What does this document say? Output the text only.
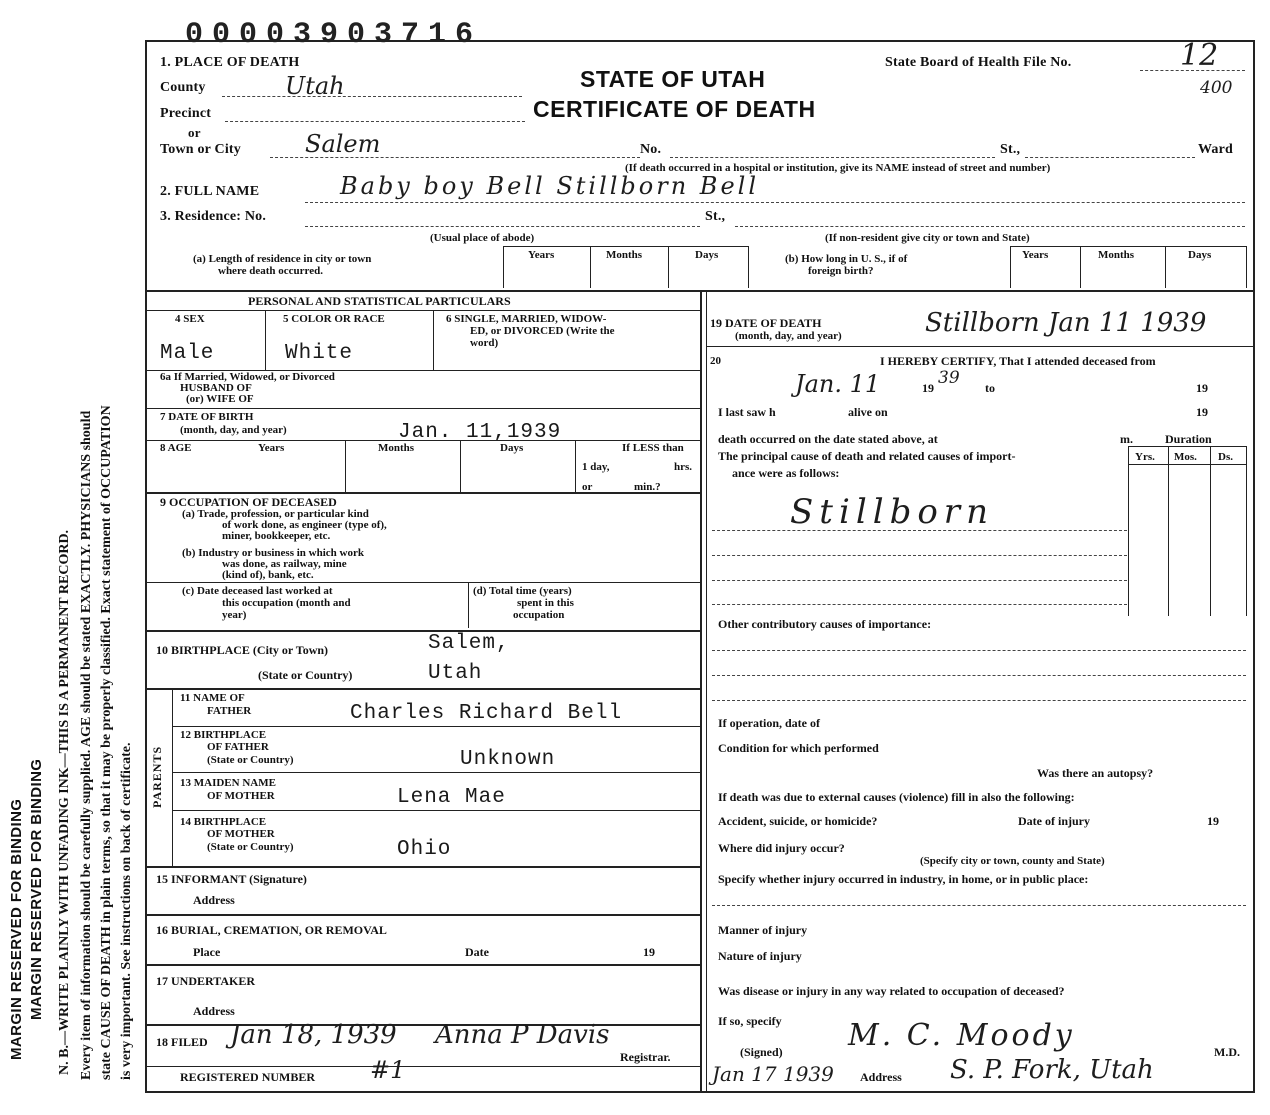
00003903716
MARGIN RESERVED FOR BINDING MARGIN RESERVED FOR BINDING N. B.—WRITE PLAINLY WITH UNFADING INK—THIS IS A PERMANENT RECORD. Every item of information should be carefully supplied. AGE should be stated EXACTLY. PHYSICIANS should state CAUSE OF DEATH in plain terms, so that it may be properly classified. Exact statement of OCCUPATION is very important. See instructions on back of certificate.
1. PLACE OF DEATH
STATE OF UTAH
CERTIFICATE OF DEATH
State Board of Health File No.	12
400
County	Utah
Precinct
or
Town or City	Salem	No.	St.,	Ward
(If death occurred in a hospital or institution, give its NAME instead of street and number)
2. FULL NAME	Baby boy Bell Stillborn Bell
3. Residence: No.	St.,
(Usual place of abode)	(If non-resident give city or town and State)
(a) Length of residence in city or town
where death occurred.
Years	Months	Days	(b) How long in U. S., if of
foreign birth?
Years	Months	Days
PERSONAL AND STATISTICAL PARTICULARS
4 SEX
Male
5 COLOR OR RACE
White
6 SINGLE, MARRIED, WIDOW-
ED, or DIVORCED (Write the
word)
6a If Married, Widowed, or Divorced
HUSBAND OF
(or) WIFE OF
7 DATE OF BIRTH
(month, day, and year)	Jan. 11,1939
8 AGE	Years	Months	Days	If LESS than
1 day,	hrs.
or	min.?
9 OCCUPATION OF DECEASED
(a) Trade, profession, or particular kind
of work done, as engineer (type of),
miner, bookkeeper, etc.
(b) Industry or business in which work
was done, as railway, mine
(kind of), bank, etc.
(c) Date deceased last worked at
this occupation (month and
year)
(d) Total time (years)
spent in this
occupation
10 BIRTHPLACE (City or Town)	Salem,
(State or Country)	Utah
PARENTS
11 NAME OF
FATHER	Charles Richard Bell
12 BIRTHPLACE
OF FATHER
(State or Country)	Unknown
13 MAIDEN NAME
OF MOTHER	Lena Mae
14 BIRTHPLACE
OF MOTHER
(State or Country)	Ohio
15 INFORMANT (Signature)
Address
16 BURIAL, CREMATION, OR REMOVAL
Place	Date	19
17 UNDERTAKER
Address
18 FILED Jan 18, 1939 Anna P Davis
Registrar.
REGISTERED NUMBER #1
19 DATE OF DEATH
(month, day, and year)	Stillborn Jan 11 1939
20	I HEREBY CERTIFY, That I attended deceased from
Jan. 11	19 39 to	19
I last saw h	alive on	19
death occurred on the date stated above, at	m.	Duration
The principal cause of death and related causes of import-
ance were as follows:
Yrs. Mos. Ds.
Stillborn
Other contributory causes of importance:
If operation, date of
Condition for which performed
Was there an autopsy?
If death was due to external causes (violence) fill in also the following:
Accident, suicide, or homicide?	Date of injury	19
Where did injury occur?
(Specify city or town, county and State)
Specify whether injury occurred in industry, in home, or in public place:
Manner of injury
Nature of injury
Was disease or injury in any way related to occupation of deceased?
If so, specify M. C. Moody
(Signed)	M.D.
Jan 17 1939 Address S. P. Fork, Utah
